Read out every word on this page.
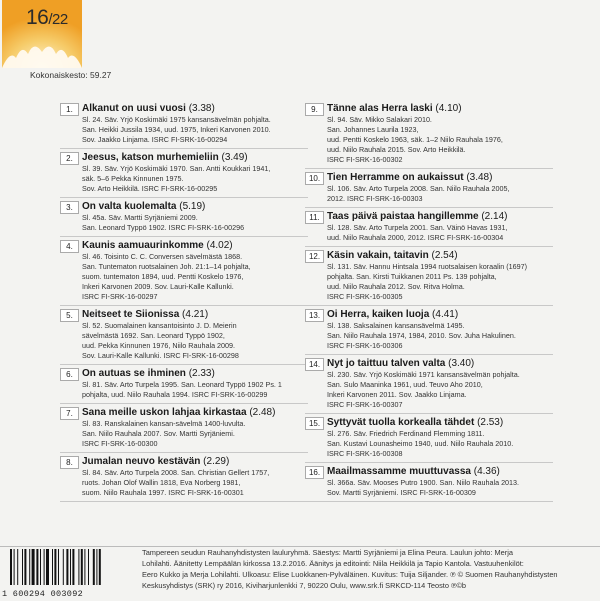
16/22
Kokonaiskesto: 59.27
1. Alkanut on uusi vuosi (3.38)
Sl. 24. Säv. Yrjö Koskimäki 1975 kansansävelmän pohjalta.
San. Heikki Jussila 1934, uud. 1975, Inkeri Karvonen 2010.
Sov. Jaakko Linjama. ISRC FI-SRK-16-00294
2. Jeesus, katson murhemieliin (3.49)
Sl. 39. Säv. Yrjö Koskimäki 1970. San. Antti Koukkari 1941,
säk. 5–6 Pekka Kinnunen 1975.
Sov. Arto Heikkilä. ISRC FI-SRK-16-00295
3. On valta kuolemalta (5.19)
Sl. 45a. Säv. Martti Syrjäniemi 2009.
San. Leonard Typpö 1902. ISRC FI-SRK-16-00296
4. Kaunis aamuaurinkomme (4.02)
Sl. 46. Toisinto C. C. Conversen sävelmästä 1868.
San. Tuntematon ruotsalainen Joh. 21:1–14 pohjalta,
suom. tuntematon 1894, uud. Pentti Koskelo 1976,
Inkeri Karvonen 2009. Sov. Lauri-Kalle Kallunki.
ISRC FI-SRK-16-00297
5. Neitseet te Siionissa (4.21)
Sl. 52. Suomalainen kansantoisinto J. D. Meierin
sävelmästä 1692. San. Leonard Typpö 1902,
uud. Pekka Kinnunen 1976, Niilo Rauhala 2009.
Sov. Lauri-Kalle Kallunki. ISRC FI-SRK-16-00298
6. On autuas se ihminen (2.33)
Sl. 81. Säv. Arto Turpela 1995. San. Leonard Typpö 1902 Ps. 1
pohjalta, uud. Niilo Rauhala 1994. ISRC FI-SRK-16-00299
7. Sana meille uskon lahjaa kirkastaa (2.48)
Sl. 83. Ranskalainen kansan-sävelmä 1400-luvulta.
San. Niilo Rauhala 2007. Sov. Martti Syrjäniemi.
ISRC FI-SRK-16-00300
8. Jumalan neuvo kestävän (2.29)
Sl. 84. Säv. Arto Turpela 2008. San. Christian Gellert 1757,
ruots. Johan Olof Wallin 1818, Eva Norberg 1981,
suom. Niilo Rauhala 1997. ISRC FI-SRK-16-00301
9. Tänne alas Herra laski (4.10)
Sl. 94. Säv. Mikko Salakari 2010.
San. Johannes Laurila 1923,
uud. Pentti Koskelo 1963, säk. 1–2 Niilo Rauhala 1976,
uud. Niilo Rauhala 2015. Sov. Arto Heikkilä.
ISRC FI-SRK-16-00302
10. Tien Herramme on aukaissut (3.48)
Sl. 106. Säv. Arto Turpela 2008. San. Niilo Rauhala 2005,
2012. ISRC FI-SRK-16-00303
11. Taas päivä paistaa hangillemme (2.14)
Sl. 128. Säv. Arto Turpela 2001. San. Väinö Havas 1931,
uud. Niilo Rauhala 2000, 2012. ISRC FI-SRK-16-00304
12. Käsin vakain, taitavin (2.54)
Sl. 131. Säv. Hannu Hintsala 1994 ruotsalaisen koraalin (1697)
pohjalta. San. Kirsti Tuikkanen 2011 Ps. 139 pohjalta,
uud. Niilo Rauhala 2012. Sov. Ritva Holma.
ISRC FI-SRK-16-00305
13. Oi Herra, kaiken luoja (4.41)
Sl. 138. Saksalainen kansansävelmä 1495.
San. Niilo Rauhala 1974, 1984, 2010. Sov. Juha Hakulinen.
ISRC FI-SRK-16-00306
14. Nyt jo taittuu talven valta (3.40)
Sl. 230. Säv. Yrjö Koskimäki 1971 kansansävelmän pohjalta.
San. Sulo Maaninka 1961, uud. Teuvo Aho 2010,
Inkeri Karvonen 2011. Sov. Jaakko Linjama.
ISRC FI-SRK-16-00307
15. Syttyvät tuolla korkealla tähdet (2.53)
Sl. 276. Säv. Friedrich Ferdinand Flemming 1811.
San. Kustavi Lounasheimo 1940, uud. Niilo Rauhala 2010.
ISRC FI-SRK-16-00308
16. Maailmassamme muuttuvassa (4.36)
Sl. 366a. Säv. Mooses Putro 1900. San. Niilo Rauhala 2013.
Sov. Martti Syrjäniemi. ISRC FI-SRK-16-00309
1 600294 003092
Tampereen seudun Rauhanyhdistysten lauluryhmä. Säestys: Martti Syrjäniemi ja Elina Peura. Laulun johto: Merja
Lohilahti. Äänitetty Lempäälän kirkossa 13.2.2016. Äänitys ja editointi: Niila Heikkilä ja Tapio Kantola. Vastuuhenkilöt:
Eero Kukko ja Merja Lohilahti. Ulkoasu: Elise Luokkanen-Pylväläinen. Kuvitus: Tuija Siljander. ℗ © Suomen Rauhanyhdistysten
Keskusyhdistys (SRK) ry 2016, Kiviharjunlenkki 7, 90220 Oulu, www.srk.fi SRKCD-114 Teosto ℗©b
